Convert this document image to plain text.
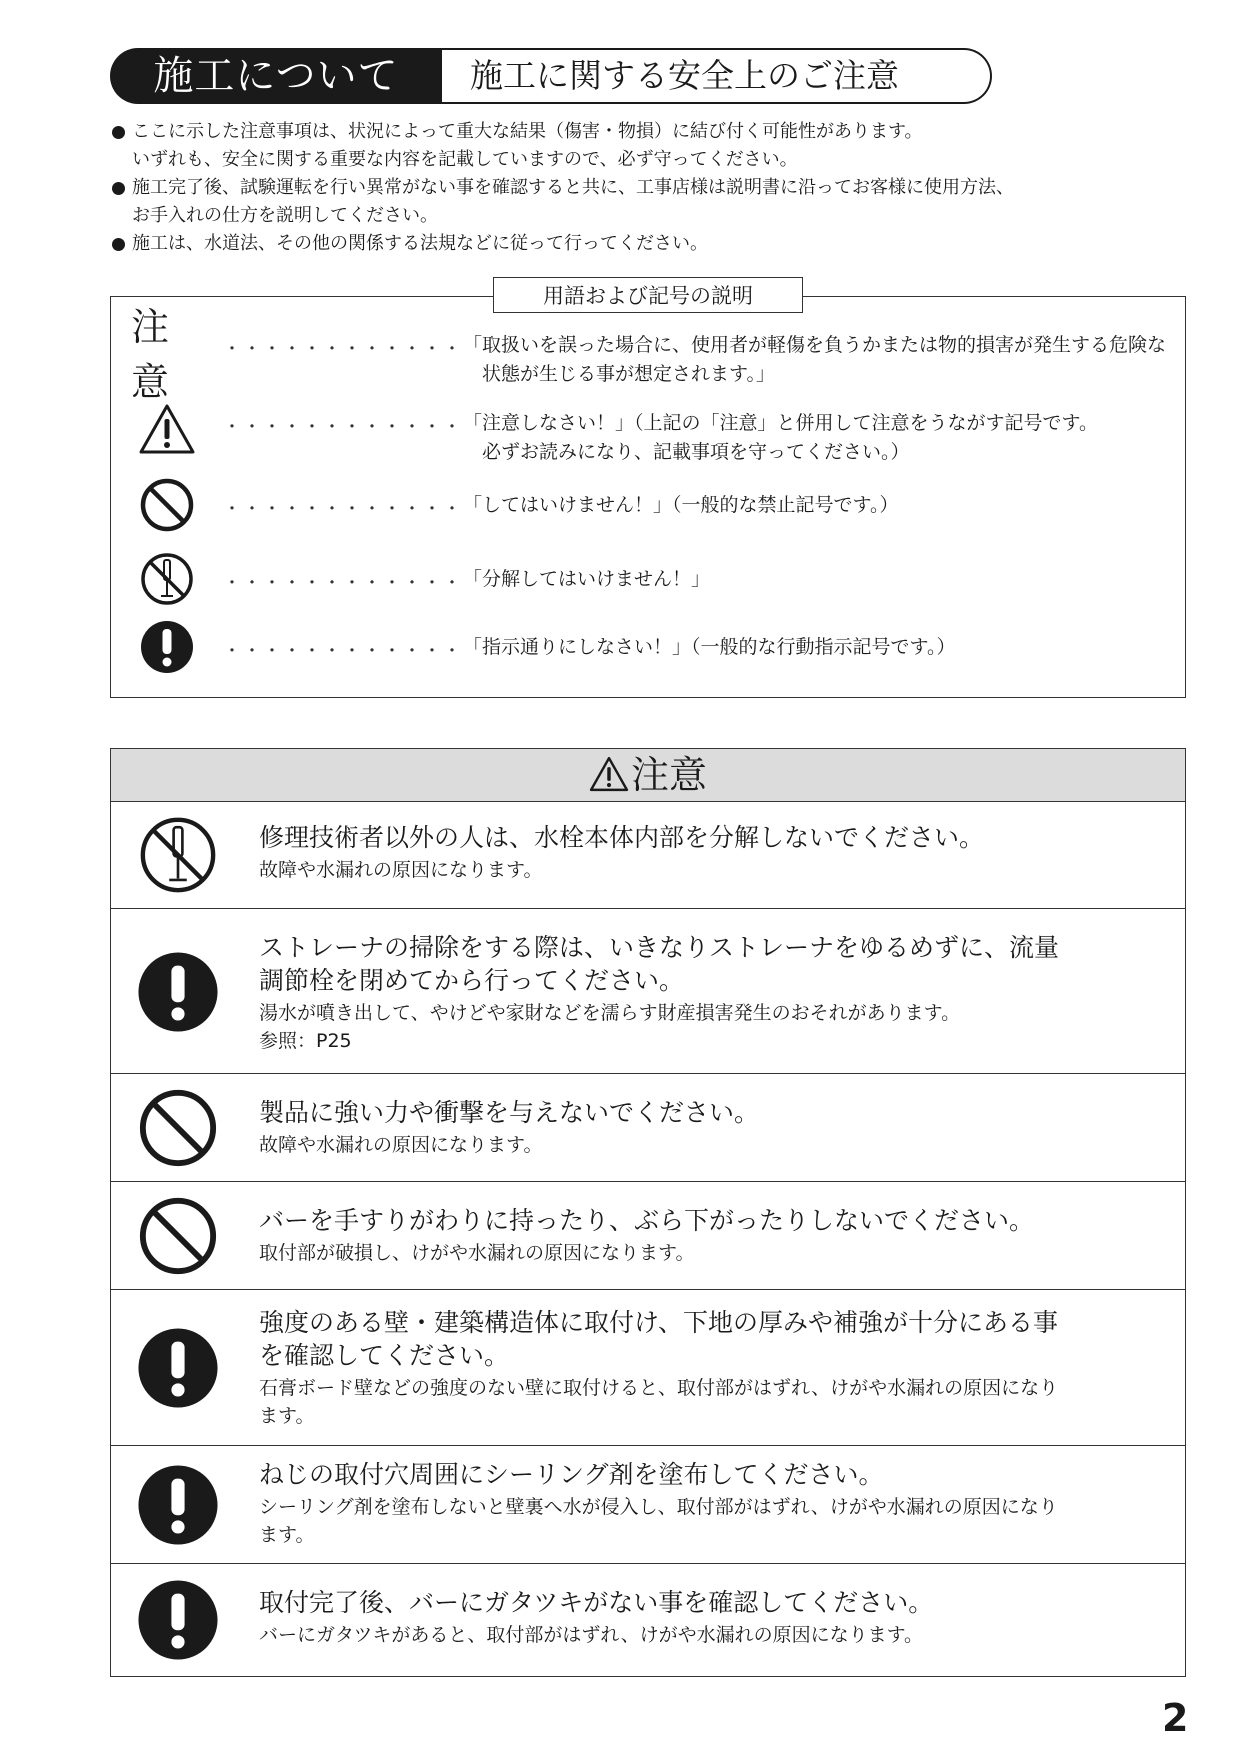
施工について	施工に関する安全上のご注意
ここに示した注意事項は、状況によって重大な結果（傷害・物損）に結び付く可能性があります。
いずれも、安全に関する重要な内容を記載していますので、必ず守ってください。
施工完了後、試験運転を行い異常がない事を確認すると共に、工事店様は説明書に沿ってお客様に使用方法、
お手入れの仕方を説明してください。
施工は、水道法、その他の関係する法規などに従って行ってください。
用語および記号の説明
注意
・・・・・・・・・・・・ 「取扱いを誤った場合に、使用者が軽傷を負うかまたは物的損害が発生する危険な
　状態が生じる事が想定されます。」
・・・・・・・・・・・・ 「注意しなさい！」（上記の「注意」と併用して注意をうながす記号です。
　必ずお読みになり、記載事項を守ってください。）
・・・・・・・・・・・・ 「してはいけません！」（一般的な禁止記号です。）
・・・・・・・・・・・・ 「分解してはいけません！」
・・・・・・・・・・・・ 「指示通りにしなさい！」（一般的な行動指示記号です。）
注意
修理技術者以外の人は、水栓本体内部を分解しないでください。
故障や水漏れの原因になります。
ストレーナの掃除をする際は、いきなりストレーナをゆるめずに、流量
調節栓を閉めてから行ってください。
湯水が噴き出して、やけどや家財などを濡らす財産損害発生のおそれがあります。
参照：P25
製品に強い力や衝撃を与えないでください。
故障や水漏れの原因になります。
バーを手すりがわりに持ったり、ぶら下がったりしないでください。
取付部が破損し、けがや水漏れの原因になります。
強度のある壁・建築構造体に取付け、下地の厚みや補強が十分にある事
を確認してください。
石膏ボード壁などの強度のない壁に取付けると、取付部がはずれ、けがや水漏れの原因になり
ます。
ねじの取付穴周囲にシーリング剤を塗布してください。
シーリング剤を塗布しないと壁裏へ水が侵入し、取付部がはずれ、けがや水漏れの原因になり
ます。
取付完了後、バーにガタツキがない事を確認してください。
バーにガタツキがあると、取付部がはずれ、けがや水漏れの原因になります。
2
